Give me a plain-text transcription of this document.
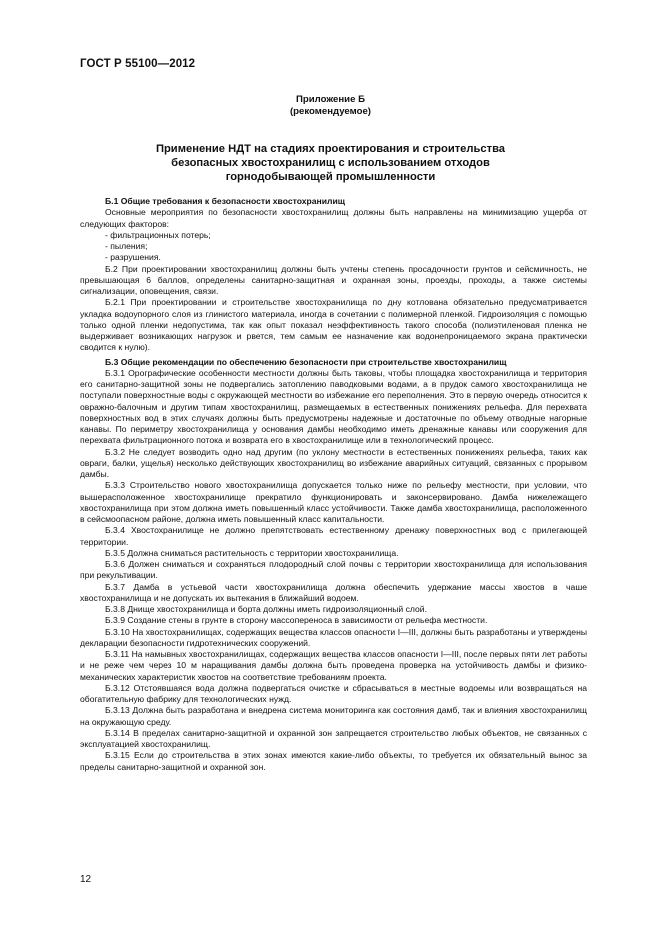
ГОСТ Р 55100—2012
Приложение Б
(рекомендуемое)
Применение НДТ на стадиях проектирования и строительства
безопасных хвостохранилищ с использованием отходов
горнодобывающей промышленности
Б.1 Общие требования к безопасности хвостохранилищ

Основные мероприятия по безопасности хвостохранилищ должны быть направлены на минимизацию ущерба от следующих факторов:

- фильтрационных потерь;

- пыления;

- разрушения.

Б.2 При проектировании хвостохранилищ должны быть учтены степень просадочности грунтов и сейсмичность, не превышающая 6 баллов, определены санитарно-защитная и охранная зоны, проезды, проходы, а также системы сигнализации, оповещения, связи.

Б.2.1 При проектировании и строительстве хвостохранилища по дну котлована обязательно предусматривается укладка водоупорного слоя из глинистого материала, иногда в сочетании с полимерной пленкой. Гидроизоляция с помощью только одной пленки недопустима, так как опыт показал неэффективность такого способа (полиэтиленовая пленка не выдерживает возникающих нагрузок и рвется, тем самым ее назначение как водонепроницаемого экрана практически сводится к нулю).

Б.3 Общие рекомендации по обеспечению безопасности при строительстве хвостохранилищ

Б.3.1 Орографические особенности местности должны быть таковы, чтобы площадка хвостохранилища и территория его санитарно-защитной зоны не подвергались затоплению паводковыми водами, а в прудок самого хвостохранилища не поступали поверхностные воды с окружающей местности во избежание его переполнения. Это в первую очередь относится к овражно-балочным и другим типам хвостохранилищ, размещаемых в естественных понижениях рельефа. Для перехвата поверхностных вод в этих случаях должны быть предусмотрены надежные и достаточные по объему отводные нагорные канавы. По периметру хвостохранилища у основания дамбы необходимо иметь дренажные канавы или сооружения для перехвата фильтрационного потока и возврата его в хвостохранилище или в технологический процесс.

Б.3.2 Не следует возводить одно над другим (по уклону местности в естественных понижениях рельефа, таких как овраги, балки, ущелья) несколько действующих хвостохранилищ во избежание аварийных ситуаций, связанных с прорывом дамбы.

Б.3.3 Строительство нового хвостохранилища допускается только ниже по рельефу местности, при условии, что вышерасположенное хвостохранилище прекратило функционировать и законсервировано. Дамба нижележащего хвостохранилища при этом должна иметь повышенный класс устойчивости. Также дамба хвостохранилища, расположенного в сейсмоопасном районе, должна иметь повышенный класс капитальности.

Б.3.4 Хвостохранилище не должно препятствовать естественному дренажу поверхностных вод с прилегающей территории.

Б.3.5 Должна сниматься растительность с территории хвостохранилища.

Б.3.6 Должен сниматься и сохраняться плодородный слой почвы с территории хвостохранилища для использования при рекультивации.

Б.3.7 Дамба в устьевой части хвостохранилища должна обеспечить удержание массы хвостов в чаше хвостохранилища и не допускать их вытекания в ближайший водоем.

Б.3.8 Днище хвостохранилища и борта должны иметь гидроизоляционный слой.

Б.3.9 Создание стены в грунте в сторону массопереноса в зависимости от рельефа местности.

Б.3.10 На хвостохранилищах, содержащих вещества классов опасности I—III, должны быть разработаны и утверждены декларации безопасности гидротехнических сооружений.

Б.3.11 На намывных хвостохранилищах, содержащих вещества классов опасности I—III, после первых пяти лет работы и не реже чем через 10 м наращивания дамбы должна быть проведена проверка на устойчивость дамбы и физико-механических характеристик хвостов на соответствие требованиям проекта.

Б.3.12 Отстоявшаяся вода должна подвергаться очистке и сбрасываться в местные водоемы или возвращаться на обогатительную фабрику для технологических нужд.

Б.3.13 Должна быть разработана и внедрена система мониторинга как состояния дамб, так и влияния хвостохранилищ на окружающую среду.

Б.3.14 В пределах санитарно-защитной и охранной зон запрещается строительство любых объектов, не связанных с эксплуатацией хвостохранилищ.

Б.3.15 Если до строительства в этих зонах имеются какие-либо объекты, то требуется их обязательный вынос за пределы санитарно-защитной и охранной зон.

12
